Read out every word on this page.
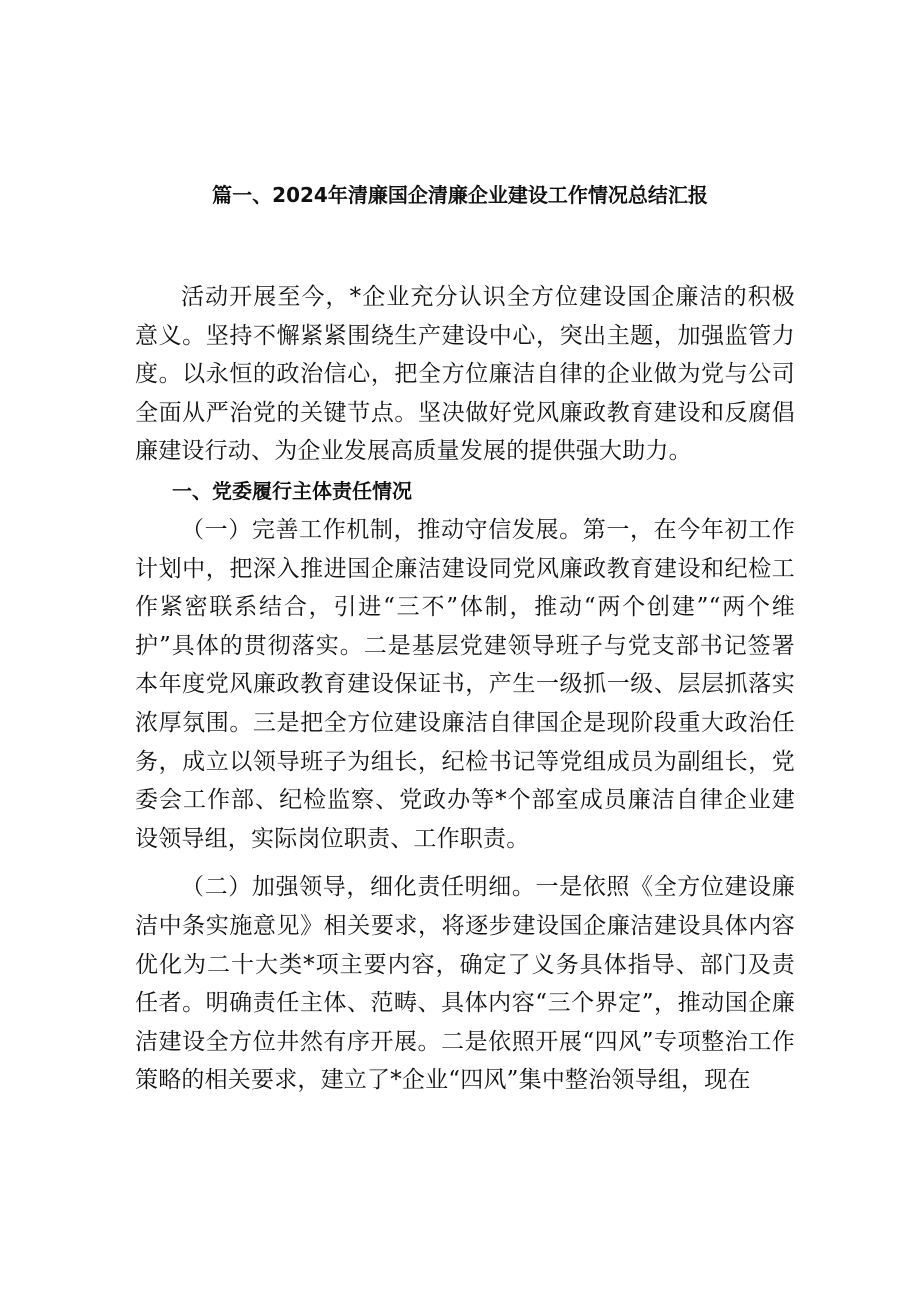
篇一、2024年清廉国企清廉企业建设工作情况总结汇报

活动开展至今，*企业充分认识全方位建设国企廉洁的积极意义。坚持不懈紧紧围绕生产建设中心，突出主题，加强监管力度。以永恒的政治信心，把全方位廉洁自律的企业做为党与公司全面从严治党的关键节点。坚决做好党风廉政教育建设和反腐倡廉建设行动、为企业发展高质量发展的提供强大助力。

一、党委履行主体责任情况

（一）完善工作机制，推动守信发展。第一，在今年初工作计划中，把深入推进国企廉洁建设同党风廉政教育建设和纪检工作紧密联系结合，引进“三不”体制，推动“两个创建”“两个维护”具体的贯彻落实。二是基层党建领导班子与党支部书记签署本年度党风廉政教育建设保证书，产生一级抓一级、层层抓落实浓厚氛围。三是把全方位建设廉洁自律国企是现阶段重大政治任务，成立以领导班子为组长，纪检书记等党组成员为副组长，党委会工作部、纪检监察、党政办等*个部室成员廉洁自律企业建设领导组，实际岗位职责、工作职责。

（二）加强领导，细化责任明细。一是依照《全方位建设廉洁中条实施意见》相关要求，将逐步建设国企廉洁建设具体内容优化为二十大类*项主要内容，确定了义务具体指导、部门及责任者。明确责任主体、范畴、具体内容“三个界定”，推动国企廉洁建设全方位井然有序开展。二是依照开展“四风”专项整治工作策略的相关要求，建立了*企业“四风”集中整治领导组，现在
